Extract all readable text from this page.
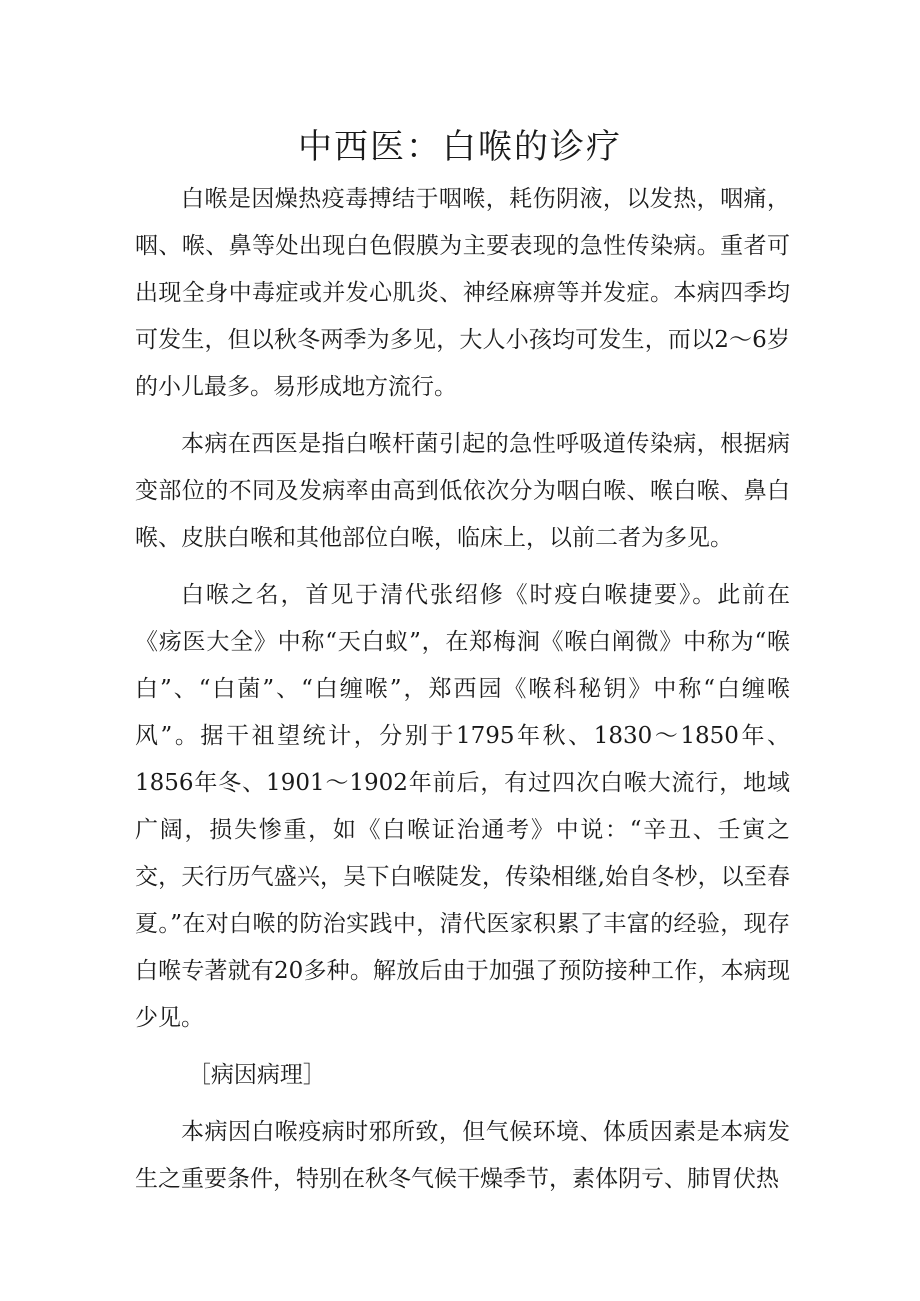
中西医：白喉的诊疗

白喉是因燥热疫毒搏结于咽喉，耗伤阴液，以发热，咽痛，咽、喉、鼻等处出现白色假膜为主要表现的急性传染病。重者可出现全身中毒症或并发心肌炎、神经麻痹等并发症。本病四季均可发生，但以秋冬两季为多见，大人小孩均可发生，而以2～6岁的小儿最多。易形成地方流行。

本病在西医是指白喉杆菌引起的急性呼吸道传染病，根据病变部位的不同及发病率由高到低依次分为咽白喉、喉白喉、鼻白喉、皮肤白喉和其他部位白喉，临床上，以前二者为多见。

白喉之名，首见于清代张绍修《时疫白喉捷要》。此前在《疡医大全》中称“天白蚁”，在郑梅涧《喉白阐微》中称为“喉白”、“白菌”、“白缠喉”，郑西园《喉科秘钥》中称“白缠喉风”。据干祖望统计，分别于1795年秋、1830～1850年、1856年冬、1901～1902年前后，有过四次白喉大流行，地域广阔，损失惨重，如《白喉证治通考》中说：“辛丑、壬寅之交，天行历气盛兴，吴下白喉陡发，传染相继,始自冬杪，以至春夏。”在对白喉的防治实践中，清代医家积累了丰富的经验，现存白喉专著就有20多种。解放后由于加强了预防接种工作，本病现少见。

［病因病理］

本病因白喉疫病时邪所致，但气候环境、体质因素是本病发生之重要条件，特别在秋冬气候干燥季节，素体阴亏、肺胃伏热
